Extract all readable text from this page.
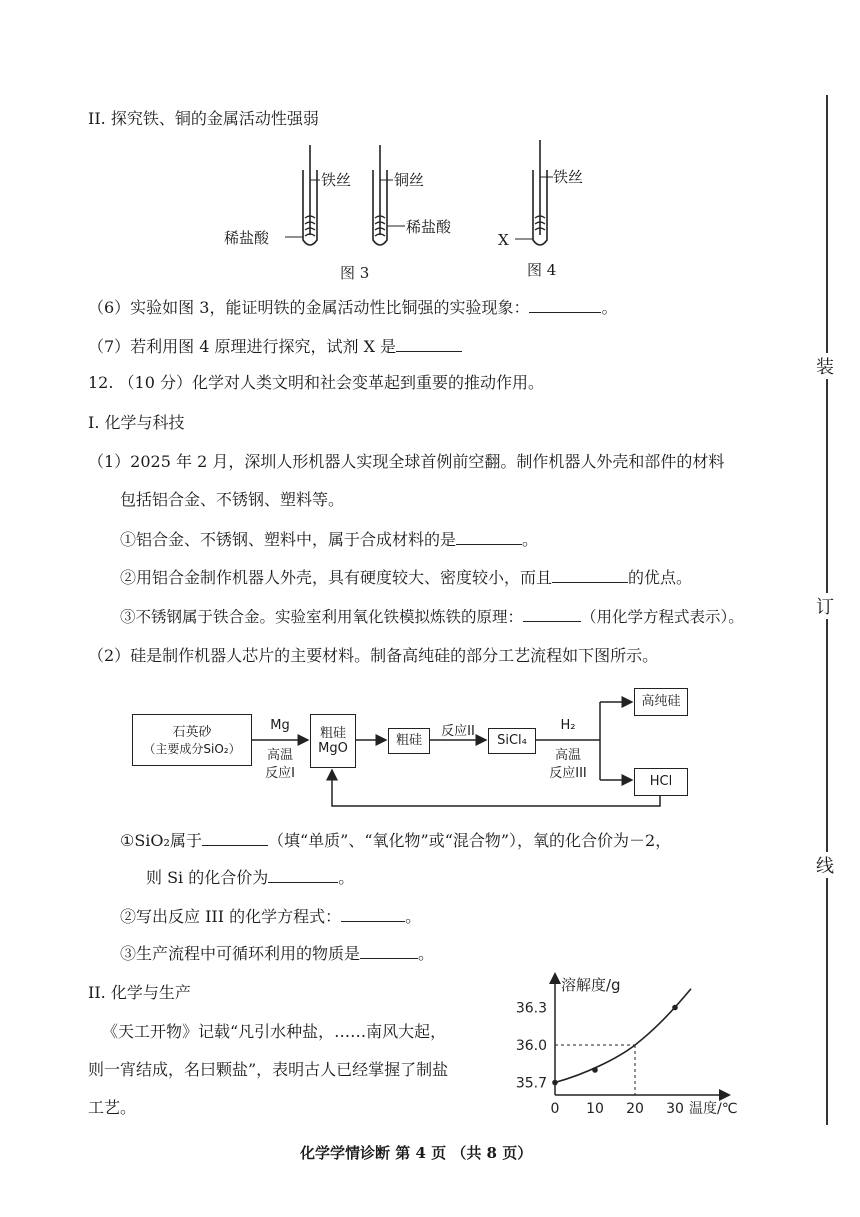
II. 探究铁、铜的金属活动性强弱
铁丝	铜丝
稀盐酸
稀盐酸
图 3
铁丝
X
图 4
（6）实验如图 3，能证明铁的金属活动性比铜强的实验现象：	。
（7）若利用图 4 原理进行探究，试剂 X 是
12. （10 分）化学对人类文明和社会变革起到重要的推动作用。
I. 化学与科技
（1）2025 年 2 月，深圳人形机器人实现全球首例前空翻。制作机器人外壳和部件的材料
包括铝合金、不锈钢、塑料等。
①铝合金、不锈钢、塑料中，属于合成材料的是	。
②用铝合金制作机器人外壳，具有硬度较大、密度较小，而且	的优点。
③不锈钢属于铁合金。实验室利用氧化铁模拟炼铁的原理：	（用化学方程式表示）。
（2）硅是制作机器人芯片的主要材料。制备高纯硅的部分工艺流程如下图所示。
石英砂
（主要成分SiO₂）
Mg
高温
反应I
粗硅
MgO
粗硅
反应II
SiCl₄
H₂
高温
反应III
高纯硅
HCl
①SiO₂属于	（填“单质”、“氧化物”或“混合物”），氧的化合价为－2，
则 Si 的化合价为	。
②写出反应 III 的化学方程式：	。
③生产流程中可循环利用的物质是	。
II. 化学与生产
《天工开物》记载“凡引水种盐，……南风大起，
则一宵结成，名曰颗盐”，表明古人已经掌握了制盐
工艺。
35.7
36.0
36.3
0 10 20 30
溶解度/g
温度/℃
化学学情诊断 第 4 页 （共 8 页）
装
订
线
